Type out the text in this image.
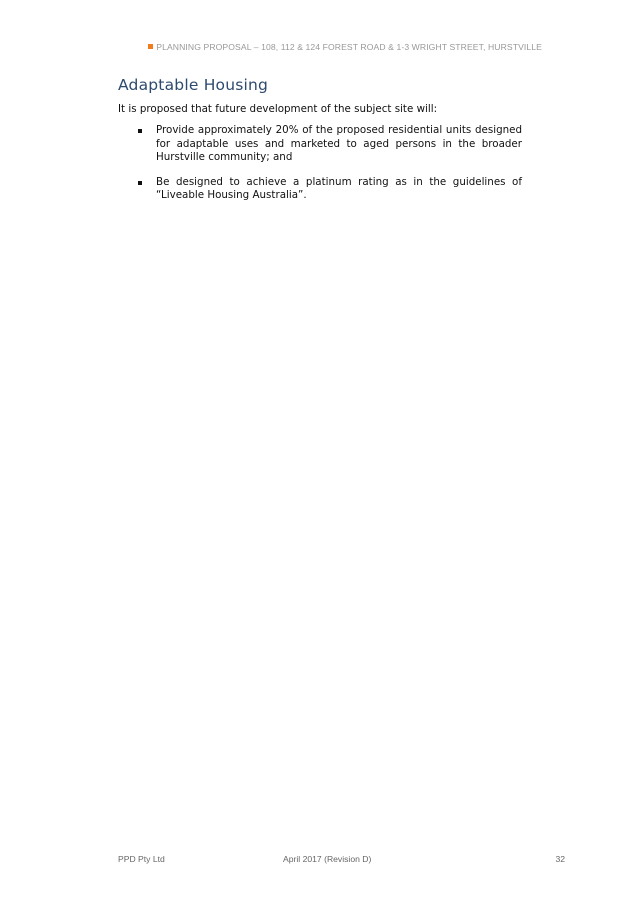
PLANNING PROPOSAL – 108, 112 & 124 FOREST ROAD & 1-3 WRIGHT STREET, HURSTVILLE
Adaptable Housing

It is proposed that future development of the subject site will:

Provide approximately 20% of the proposed residential units designed for adaptable uses and marketed to aged persons in the broader Hurstville community; and
Be designed to achieve a platinum rating as in the guidelines of “Liveable Housing Australia”.
PPD Pty Ltd	April 2017 (Revision D)	32
